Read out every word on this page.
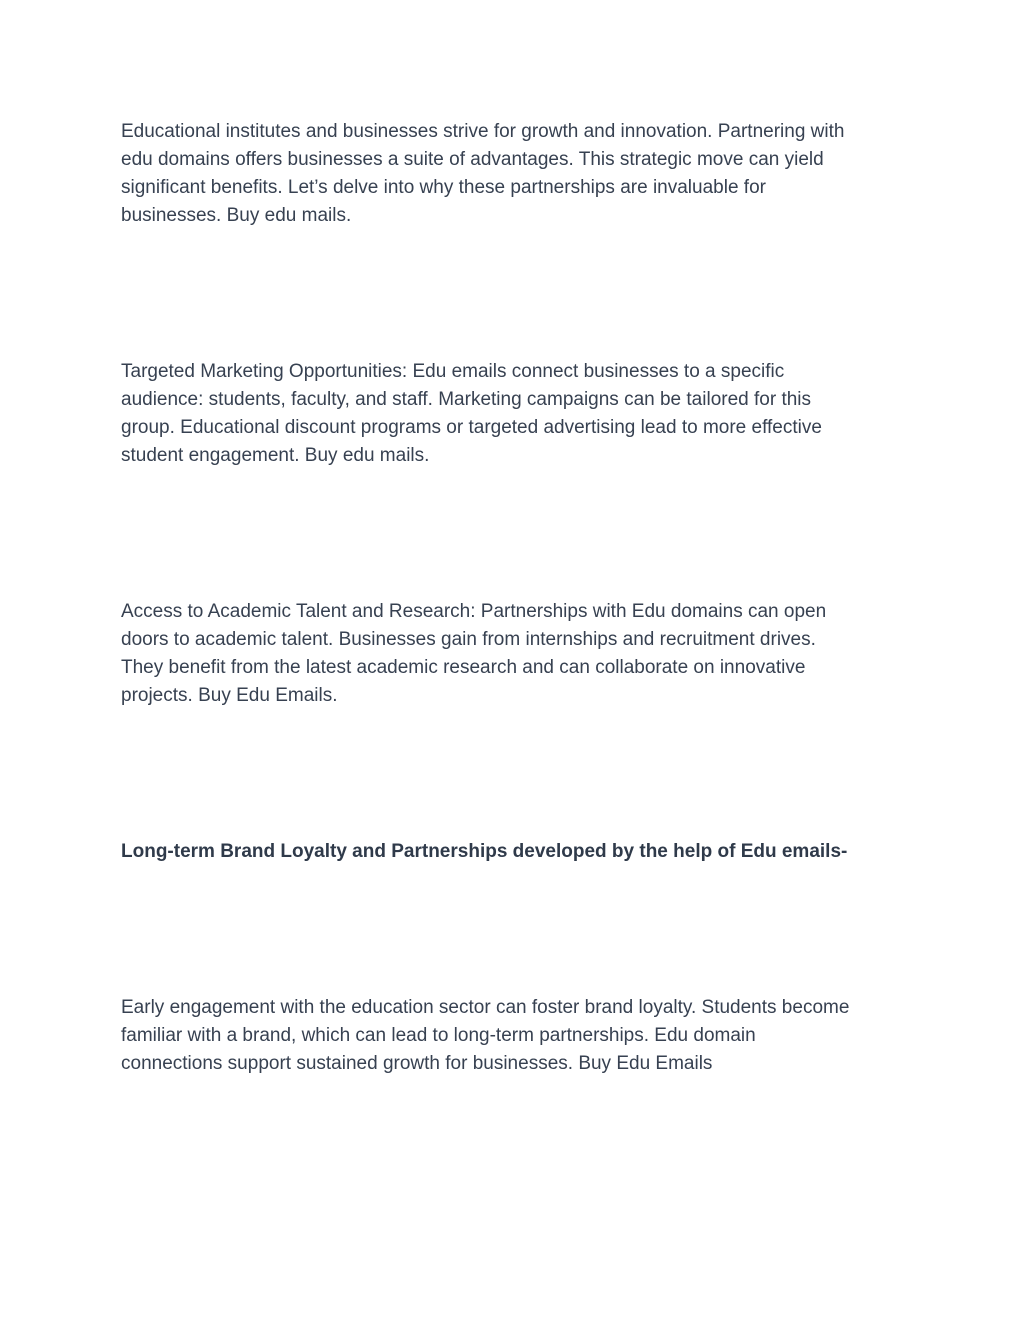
Educational institutes and businesses strive for growth and innovation. Partnering with
edu domains offers businesses a suite of advantages. This strategic move can yield
significant benefits. Let’s delve into why these partnerships are invaluable for
businesses. Buy edu mails.

Targeted Marketing Opportunities: Edu emails connect businesses to a specific
audience: students, faculty, and staff. Marketing campaigns can be tailored for this
group. Educational discount programs or targeted advertising lead to more effective
student engagement. Buy edu mails.

Access to Academic Talent and Research: Partnerships with Edu domains can open
doors to academic talent. Businesses gain from internships and recruitment drives.
They benefit from the latest academic research and can collaborate on innovative
projects. Buy Edu Emails.

Long-term Brand Loyalty and Partnerships developed by the help of Edu emails-

Early engagement with the education sector can foster brand loyalty. Students become
familiar with a brand, which can lead to long-term partnerships. Edu domain
connections support sustained growth for businesses. Buy Edu Emails
